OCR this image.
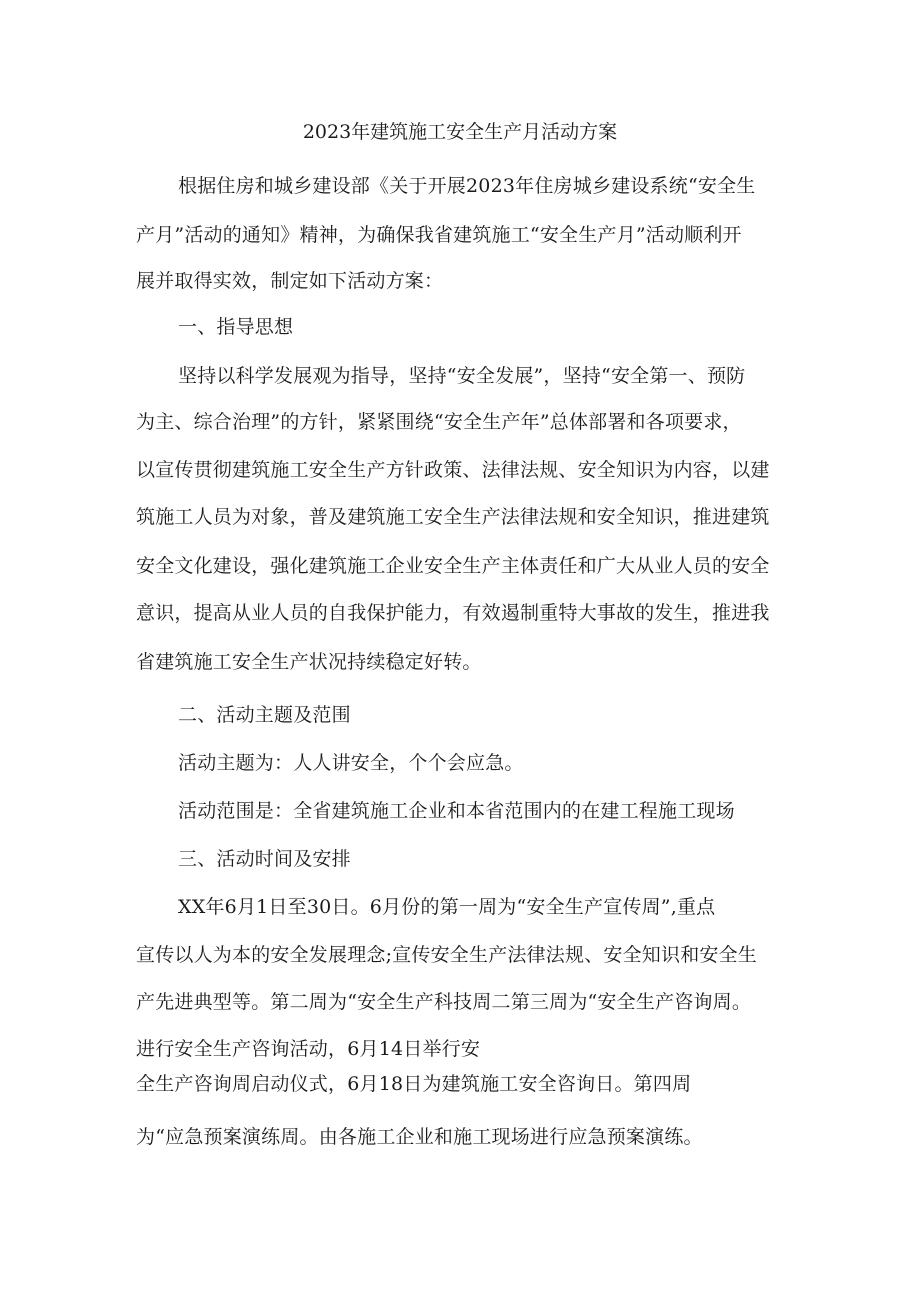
2023年建筑施工安全生产月活动方案
根据住房和城乡建设部《关于开展2023年住房城乡建设系统“安全生
产月”活动的通知》精神，为确保我省建筑施工“安全生产月”活动顺利开
展并取得实效，制定如下活动方案：
一、指导思想
坚持以科学发展观为指导，坚持“安全发展”，坚持“安全第一、预防
为主、综合治理”的方针，紧紧围绕“安全生产年”总体部署和各项要求，
以宣传贯彻建筑施工安全生产方针政策、法律法规、安全知识为内容，以建
筑施工人员为对象，普及建筑施工安全生产法律法规和安全知识，推进建筑
安全文化建设，强化建筑施工企业安全生产主体责任和广大从业人员的安全
意识，提高从业人员的自我保护能力，有效遏制重特大事故的发生，推进我
省建筑施工安全生产状况持续稳定好转。
二、活动主题及范围
活动主题为：人人讲安全，个个会应急。
活动范围是：全省建筑施工企业和本省范围内的在建工程施工现场
三、活动时间及安排
XX年6月1日至30日。6月份的第一周为“安全生产宣传周”,重点
宣传以人为本的安全发展理念;宣传安全生产法律法规、安全知识和安全生
产先进典型等。第二周为“安全生产科技周二第三周为“安全生产咨询周。
进行安全生产咨询活动，6月14日举行安
全生产咨询周启动仪式，6月18日为建筑施工安全咨询日。第四周
为“应急预案演练周。由各施工企业和施工现场进行应急预案演练。
